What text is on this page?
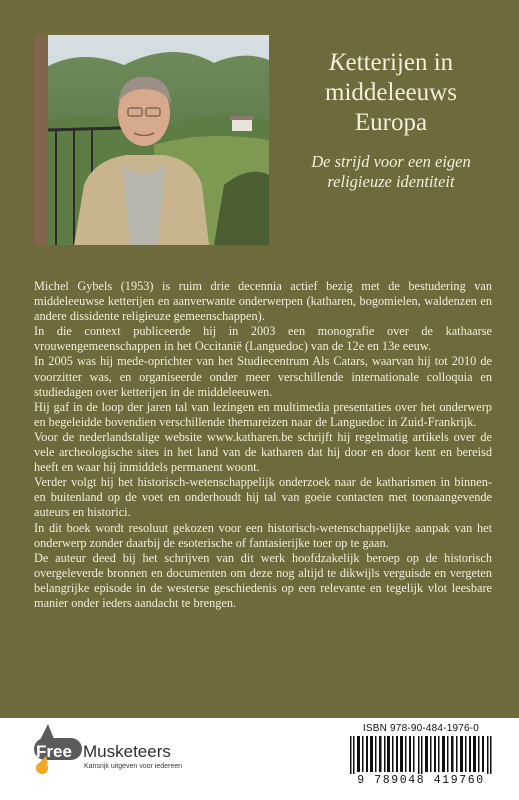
Ketterijen in
middeleeuws
Europa
De strijd voor een eigen
religieuze identiteit

Michel Gybels (1953) is ruim drie decennia actief bezig met de bestudering van middeleeuwse ketterijen en aanverwante onderwerpen (katharen, bogomielen, waldenzen en andere dissidente religieuze gemeenschappen).

In die context publiceerde hij in 2003 een monografie over de kathaarse vrouwengemeenschappen in het Occitanië (Languedoc) van de 12e en 13e eeuw.

In 2005 was hij mede-oprichter van het Studiecentrum Als Catars, waarvan hij tot 2010 de voorzitter was, en organiseerde onder meer verschillende internationale colloquia en studiedagen over ketterijen in de middeleeuwen.

Hij gaf in de loop der jaren tal van lezingen en multimedia presentaties over het onderwerp en begeleidde bovendien verschillende themareizen naar de Languedoc in Zuid-Frankrijk.

Voor de nederlandstalige website www.katharen.be schrijft hij regelmatig artikels over de vele archeologische sites in het land van de katharen dat hij door en door kent en bereisd heeft en waar hij inmiddels permanent woont.

Verder volgt hij het historisch-wetenschappelijk onderzoek naar de katharismen in binnen- en buitenland op de voet en onderhoudt hij tal van goeie contacten met toonaangevende auteurs en historici.

In dit boek wordt resoluut gekozen voor een historisch-wetenschappelijke aanpak van het onderwerp zonder daarbij de esoterische of fantasierijke toer op te gaan.

De auteur deed bij het schrijven van dit werk hoofdzakelijk beroep op de historisch overgeleverde bronnen en documenten om deze nog altijd te dikwijls verguisde en vergeten belangrijke episode in de westerse geschiedenis op een relevante en tegelijk vlot leesbare manier onder ieders aandacht te brengen.

Free Musketeers
Kansrijk uitgeven voor iedereen
ISBN 978-90-484-1976-0
9 789048 419760
